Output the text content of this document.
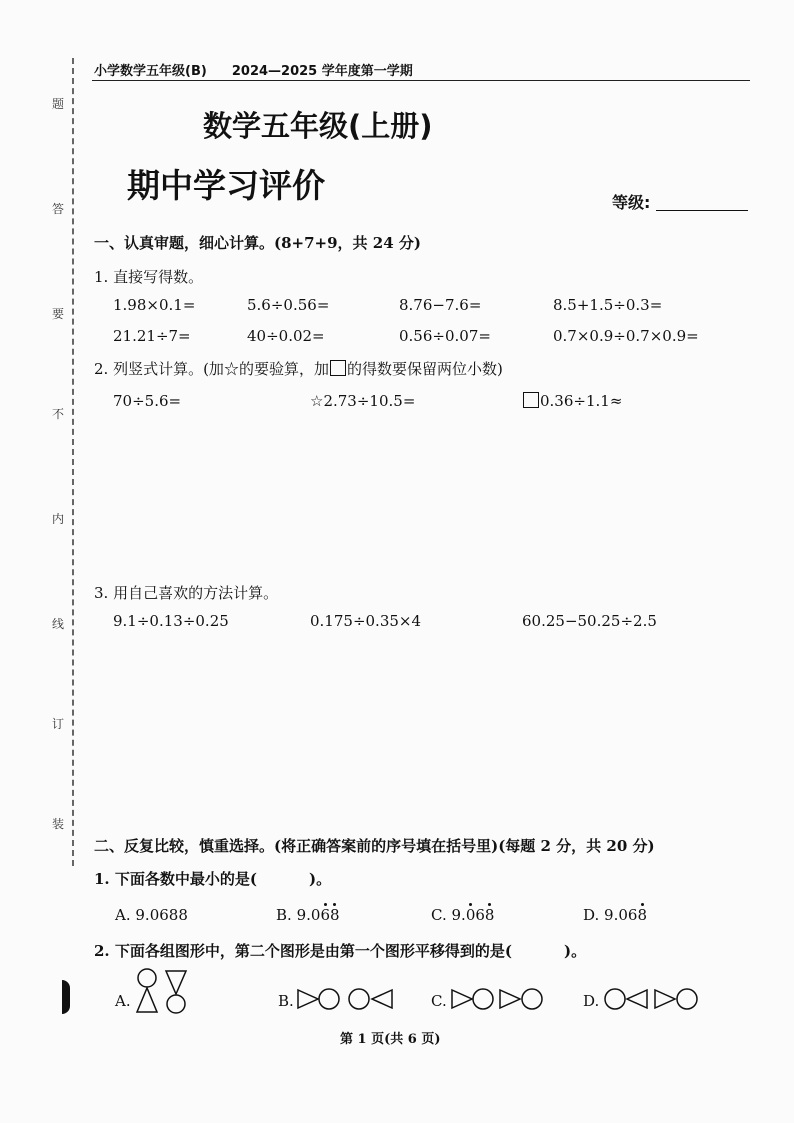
题
答
要
不
内
线
订
装
小学数学五年级(B) 2024—2025 学年度第一学期
数学五年级(上册)
期中学习评价	等级:
一、认真审题，细心计算。(8+7+9，共 24 分)
1. 直接写得数。
1.98×0.1=	5.6÷0.56=	8.76−7.6=	8.5+1.5÷0.3=
21.21÷7=	40÷0.02=	0.56÷0.07=	0.7×0.9÷0.7×0.9=
2. 列竖式计算。(加☆的要验算，加 的得数要保留两位小数)
70÷5.6=	☆2.73÷10.5=	0.36÷1.1≈
3. 用自己喜欢的方法计算。
9.1÷0.13÷0.25	0.175÷0.35×4	60.25−50.25÷2.5
二、反复比较，慎重选择。(将正确答案前的序号填在括号里)(每题 2 分，共 20 分)
1. 下面各数中最小的是(	)。
A. 9.0688	B. 9.068	C. 9.068	D. 9.068
2. 下面各组图形中，第二个图形是由第一个图形平移得到的是(	)。
A.	B.	C.	D.
第 1 页(共 6 页)
